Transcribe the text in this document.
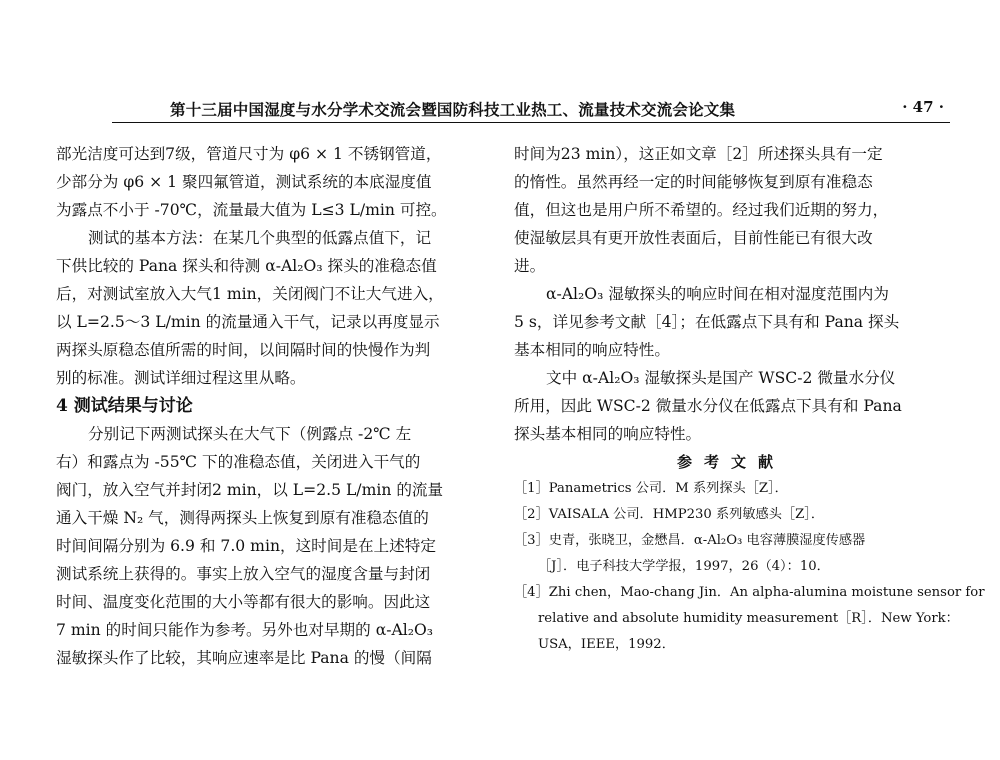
第十三届中国湿度与水分学术交流会暨国防科技工业热工、流量技术交流会论文集	· 47 ·
部光洁度可达到7级，管道尺寸为 φ6 × 1 不锈钢管道，
少部分为 φ6 × 1 聚四氟管道，测试系统的本底湿度值
为露点不小于 -70℃，流量最大值为 L≤3 L/min 可控。
测试的基本方法：在某几个典型的低露点值下，记
下供比较的 Pana 探头和待测 α-Al₂O₃ 探头的准稳态值
后，对测试室放入大气1 min，关闭阀门不让大气进入，
以 L=2.5～3 L/min 的流量通入干气，记录以再度显示
两探头原稳态值所需的时间，以间隔时间的快慢作为判
别的标准。测试详细过程这里从略。
4 测试结果与讨论
分别记下两测试探头在大气下（例露点 -2℃ 左
右）和露点为 -55℃ 下的准稳态值，关闭进入干气的
阀门，放入空气并封闭2 min，以 L=2.5 L/min 的流量
通入干燥 N₂ 气，测得两探头上恢复到原有准稳态值的
时间间隔分别为 6.9 和 7.0 min，这时间是在上述特定
测试系统上获得的。事实上放入空气的湿度含量与封闭
时间、温度变化范围的大小等都有很大的影响。因此这
7 min 的时间只能作为参考。另外也对早期的 α-Al₂O₃
湿敏探头作了比较，其响应速率是比 Pana 的慢（间隔
时间为23 min），这正如文章［2］所述探头具有一定
的惰性。虽然再经一定的时间能够恢复到原有准稳态
值，但这也是用户所不希望的。经过我们近期的努力，
使湿敏层具有更开放性表面后，目前性能已有很大改
进。
α-Al₂O₃ 湿敏探头的响应时间在相对湿度范围内为
5 s，详见参考文献［4］；在低露点下具有和 Pana 探头
基本相同的响应特性。
文中 α-Al₂O₃ 湿敏探头是国产 WSC-2 微量水分仪
所用，因此 WSC-2 微量水分仪在低露点下具有和 Pana
探头基本相同的响应特性。
参考文献
［1］Panametrics 公司．M 系列探头［Z］．
［2］VAISALA 公司．HMP230 系列敏感头［Z］．
［3］史青，张晓卫，金懋昌．α-Al₂O₃ 电容薄膜湿度传感器
［J］．电子科技大学学报，1997，26（4）：10．
［4］Zhi chen，Mao-chang Jin．An alpha-alumina moistune sensor for
relative and absolute humidity measurement［R］．New York：
USA，IEEE，1992．
